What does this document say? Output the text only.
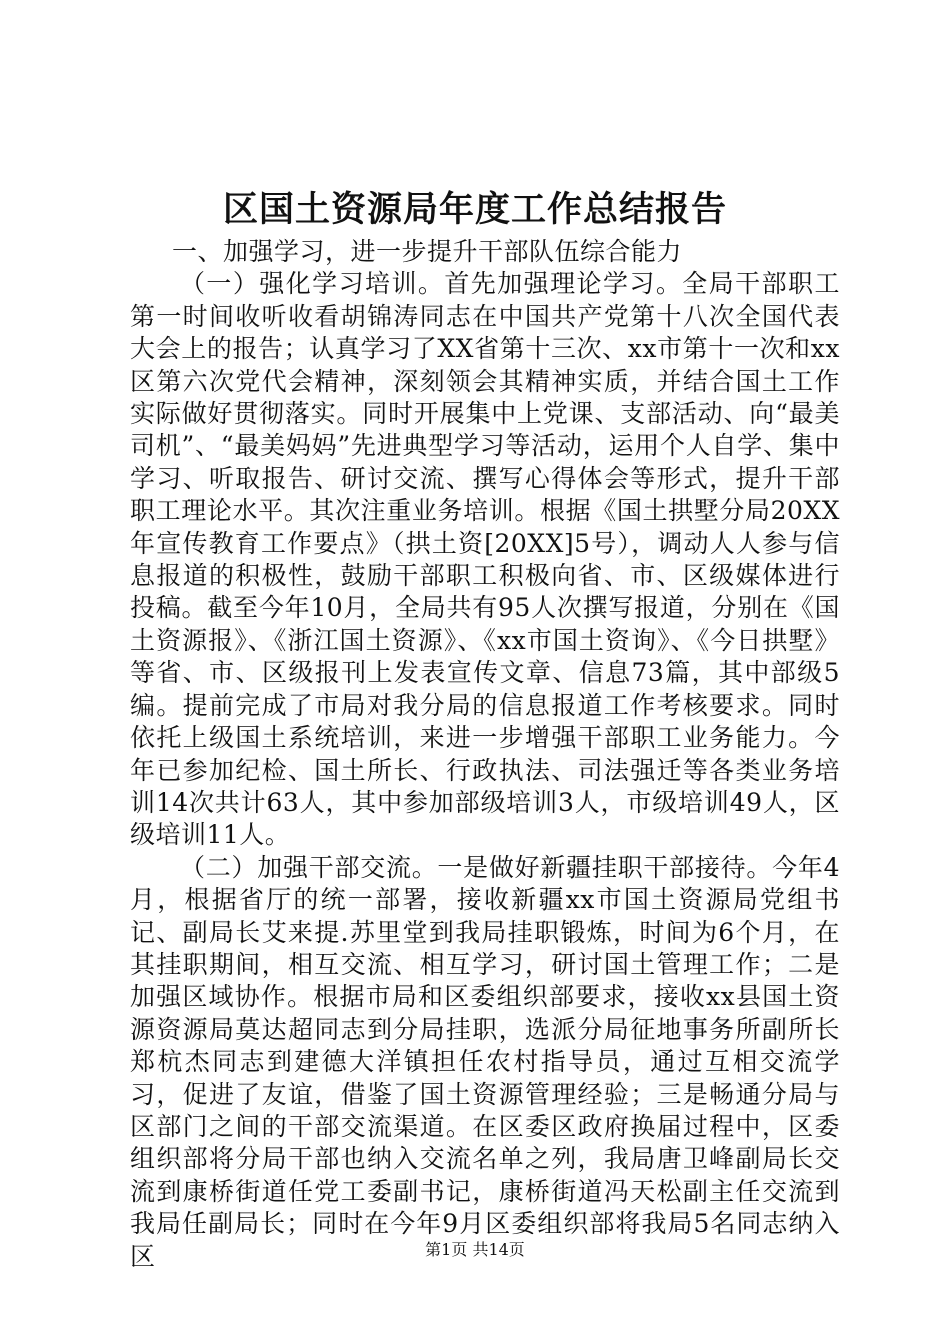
区国土资源局年度工作总结报告

一、加强学习，进一步提升干部队伍综合能力

（一）强化学习培训。首先加强理论学习。全局干部职工第一时间收听收看胡锦涛同志在中国共产党第十八次全国代表大会上的报告；认真学习了XX省第十三次、xx市第十一次和xx区第六次党代会精神，深刻领会其精神实质，并结合国土工作实际做好贯彻落实。同时开展集中上党课、支部活动、向“最美司机”、“最美妈妈”先进典型学习等活动，运用个人自学、集中学习、听取报告、研讨交流、撰写心得体会等形式，提升干部职工理论水平。其次注重业务培训。根据《国土拱墅分局20XX年宣传教育工作要点》（拱土资[20XX]5号），调动人人参与信息报道的积极性，鼓励干部职工积极向省、市、区级媒体进行投稿。截至今年10月，全局共有95人次撰写报道，分别在《国土资源报》、《浙江国土资源》、《xx市国土资询》、《今日拱墅》等省、市、区级报刊上发表宣传文章、信息73篇，其中部级5编。提前完成了市局对我分局的信息报道工作考核要求。同时依托上级国土系统培训，来进一步增强干部职工业务能力。今年已参加纪检、国土所长、行政执法、司法强迁等各类业务培训14次共计63人，其中参加部级培训3人，市级培训49人，区级培训11人。

（二）加强干部交流。一是做好新疆挂职干部接待。今年4月，根据省厅的统一部署，接收新疆xx市国土资源局党组书记、副局长艾来提.苏里堂到我局挂职锻炼，时间为6个月，在其挂职期间，相互交流、相互学习，研讨国土管理工作；二是加强区域协作。根据市局和区委组织部要求，接收xx县国土资源资源局莫达超同志到分局挂职，选派分局征地事务所副所长郑杭杰同志到建德大洋镇担任农村指导员，通过互相交流学习，促进了友谊，借鉴了国土资源管理经验；三是畅通分局与区部门之间的干部交流渠道。在区委区政府换届过程中，区委组织部将分局干部也纳入交流名单之列，我局唐卫峰副局长交流到康桥街道任党工委副书记，康桥街道冯天松副主任交流到我局任副局长；同时在今年9月区委组织部将我局5名同志纳入区	第1页 共14页
